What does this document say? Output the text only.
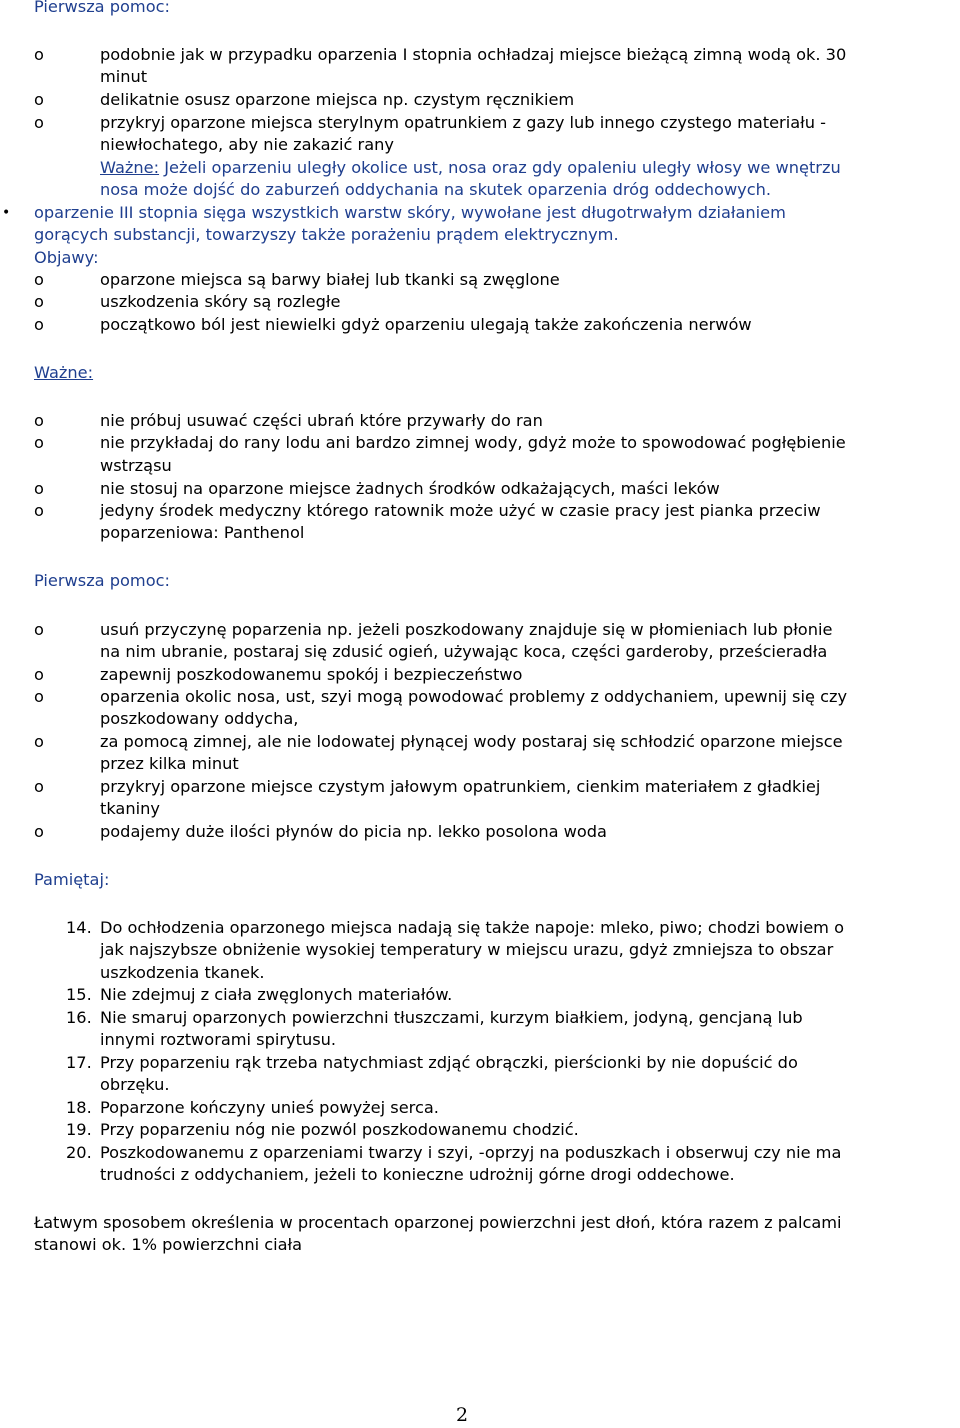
Pierwsza pomoc:
o	podobnie jak w przypadku oparzenia I stopnia ochładzaj miejsce bieżącą zimną wodą ok. 30
minut
o	delikatnie osusz oparzone miejsca np. czystym ręcznikiem
o	przykryj oparzone miejsca sterylnym opatrunkiem z gazy lub innego czystego materiału -
niewłochatego, aby nie zakazić rany
Ważne: Jeżeli oparzeniu uległy okolice ust, nosa oraz gdy opaleniu uległy włosy we wnętrzu
nosa może dojść do zaburzeń oddychania na skutek oparzenia dróg oddechowych.
• oparzenie III stopnia sięga wszystkich warstw skóry, wywołane jest długotrwałym działaniem
gorących substancji, towarzyszy także porażeniu prądem elektrycznym.
Objawy:
o	oparzone miejsca są barwy białej lub tkanki są zwęglone
o	uszkodzenia skóry są rozległe
o	początkowo ból jest niewielki gdyż oparzeniu ulegają także zakończenia nerwów
Ważne:
o	nie próbuj usuwać części ubrań które przywarły do ran
o	nie przykładaj do rany lodu ani bardzo zimnej wody, gdyż może to spowodować pogłębienie
wstrząsu
o	nie stosuj na oparzone miejsce żadnych środków odkażających, maści leków
o	jedyny środek medyczny którego ratownik może użyć w czasie pracy jest pianka przeciw
poparzeniowa: Panthenol
Pierwsza pomoc:
o	usuń przyczynę poparzenia np. jeżeli poszkodowany znajduje się w płomieniach lub płonie
na nim ubranie, postaraj się zdusić ogień, używając koca, części garderoby, prześcieradła
o	zapewnij poszkodowanemu spokój i bezpieczeństwo
o	oparzenia okolic nosa, ust, szyi mogą powodować problemy z oddychaniem, upewnij się czy
poszkodowany oddycha,
o	za pomocą zimnej, ale nie lodowatej płynącej wody postaraj się schłodzić oparzone miejsce
przez kilka minut
o	przykryj oparzone miejsce czystym jałowym opatrunkiem, cienkim materiałem z gładkiej
tkaniny
o	podajemy duże ilości płynów do picia np. lekko posolona woda
Pamiętaj:
14. Do ochłodzenia oparzonego miejsca nadają się także napoje: mleko, piwo; chodzi bowiem o
jak najszybsze obniżenie wysokiej temperatury w miejscu urazu, gdyż zmniejsza to obszar
uszkodzenia tkanek.
15. Nie zdejmuj z ciała zwęglonych materiałów.
16. Nie smaruj oparzonych powierzchni tłuszczami, kurzym białkiem, jodyną, gencjaną lub
innymi roztworami spirytusu.
17. Przy poparzeniu rąk trzeba natychmiast zdjąć obrączki, pierścionki by nie dopuścić do
obrzęku.
18. Poparzone kończyny unieś powyżej serca.
19. Przy poparzeniu nóg nie pozwól poszkodowanemu chodzić.
20. Poszkodowanemu z oparzeniami twarzy i szyi, -oprzyj na poduszkach i obserwuj czy nie ma
trudności z oddychaniem, jeżeli to konieczne udrożnij górne drogi oddechowe.
Łatwym sposobem określenia w procentach oparzonej powierzchni jest dłoń, która razem z palcami
stanowi ok. 1% powierzchni ciała
2
